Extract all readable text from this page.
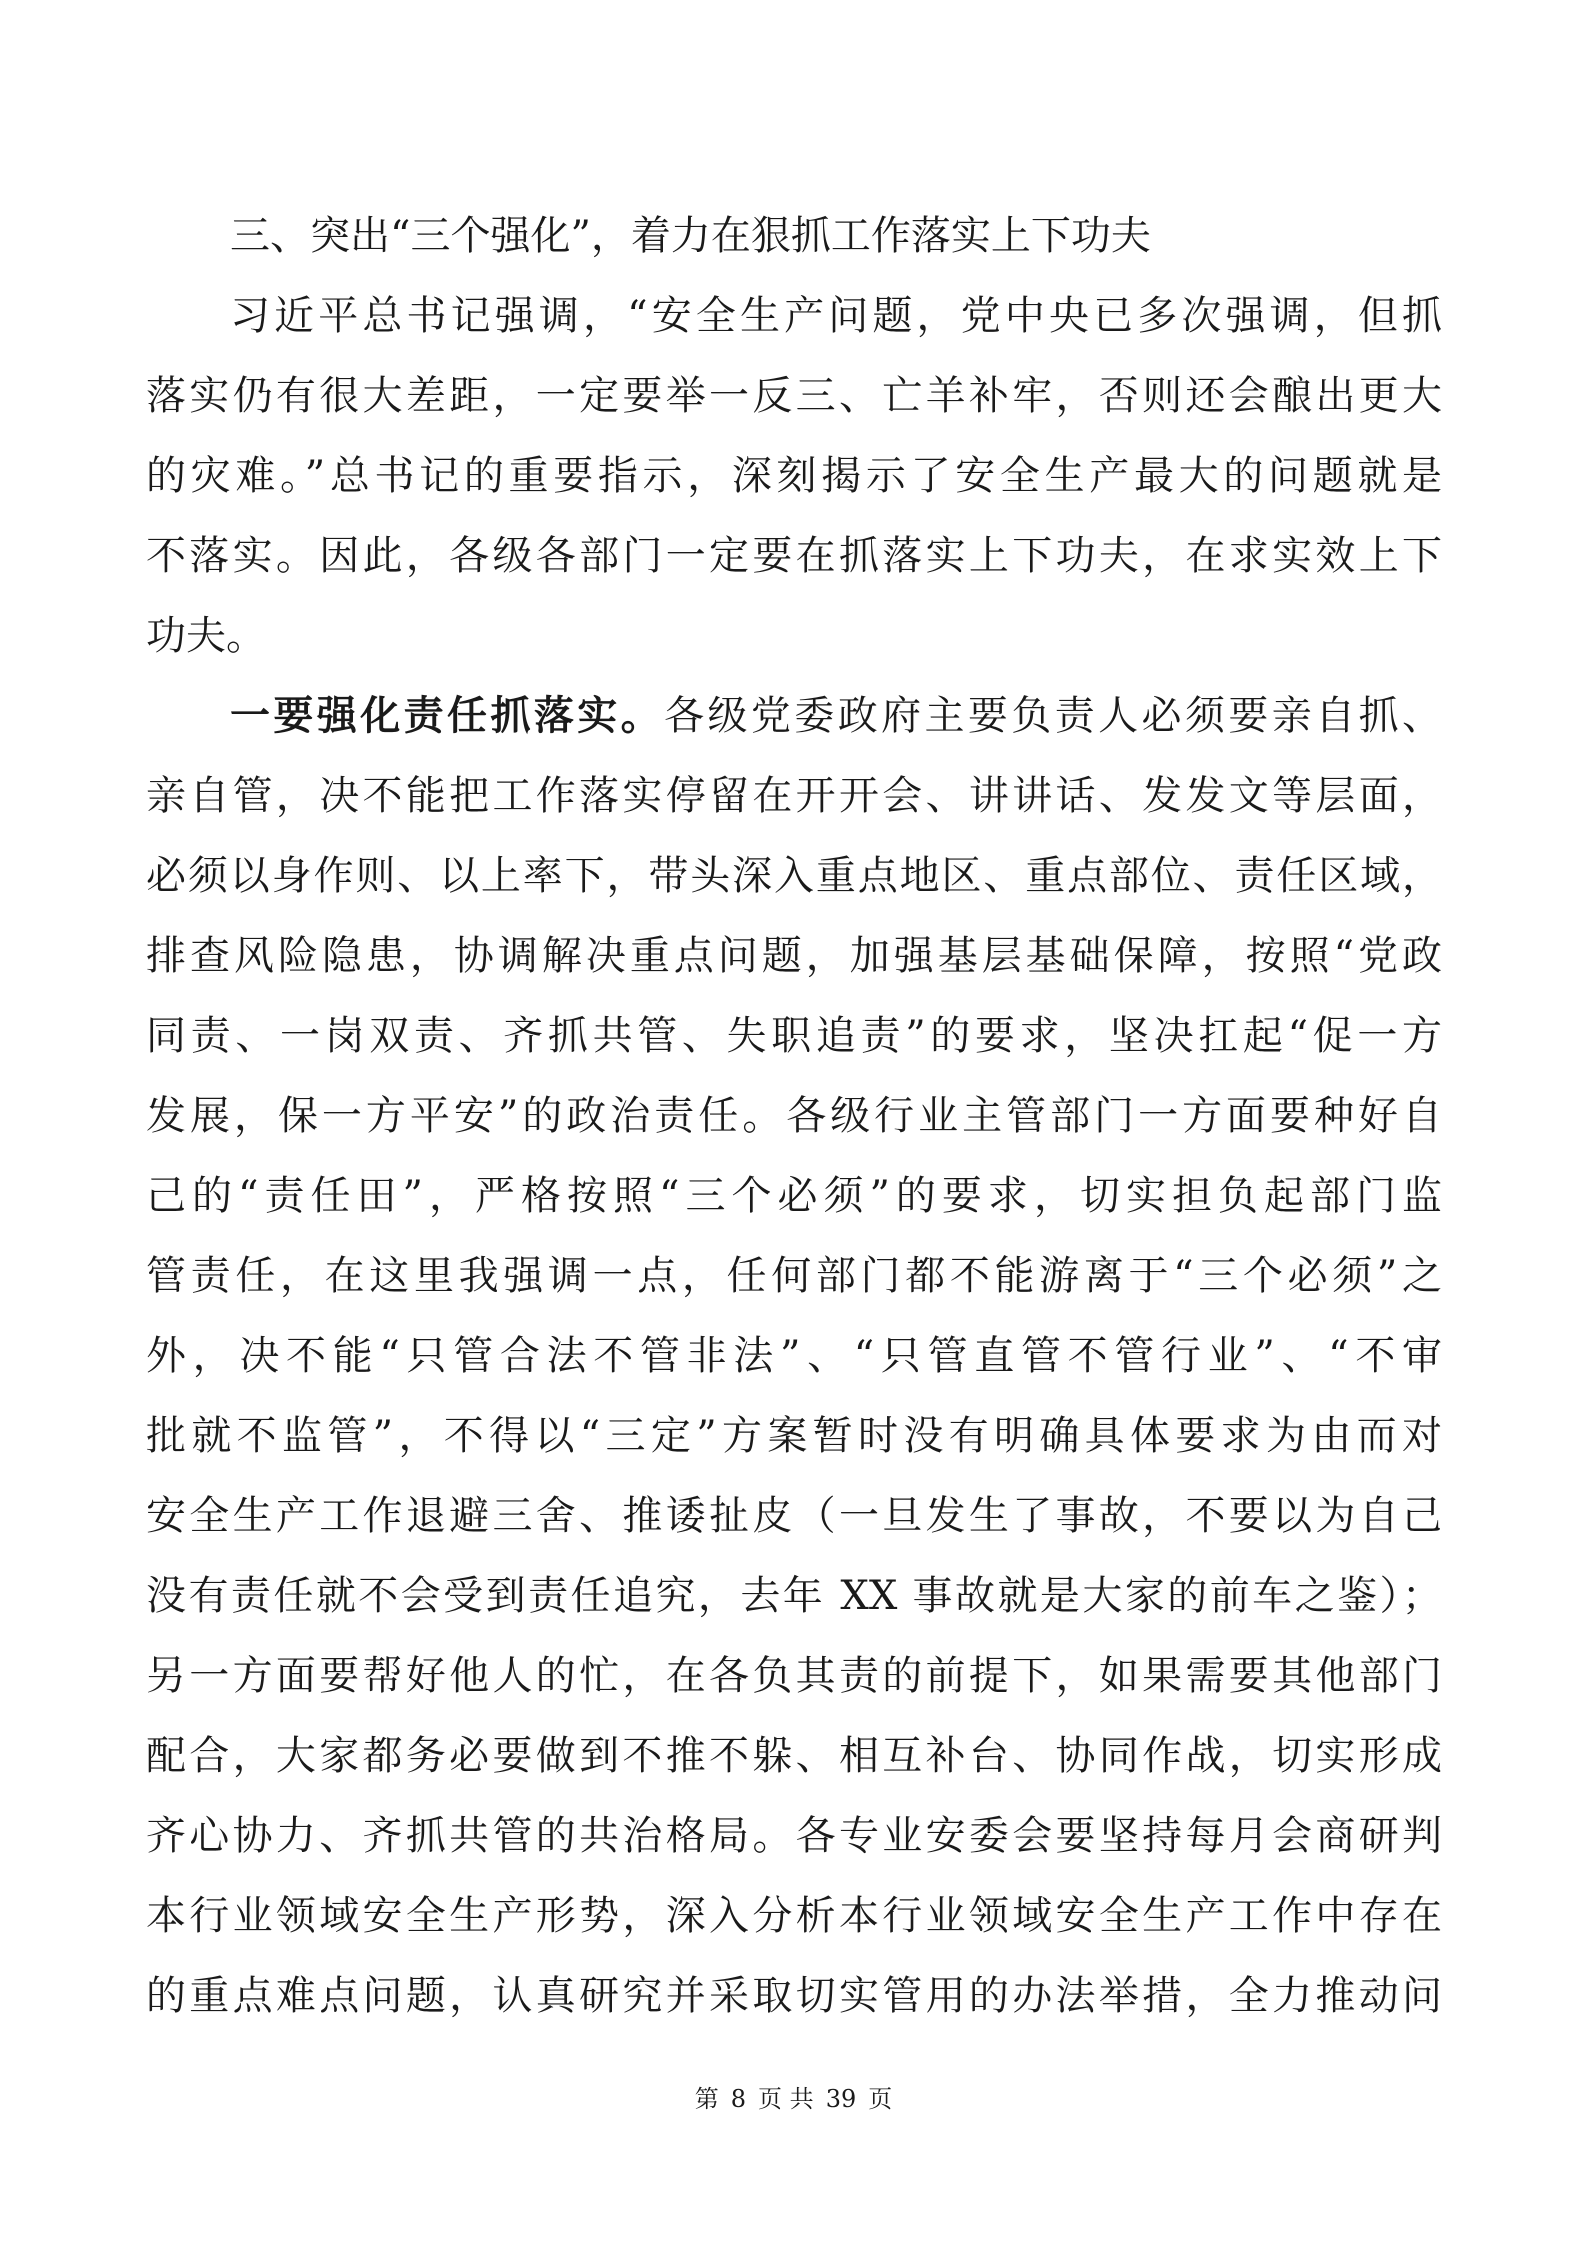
三、突出“三个强化”，着力在狠抓工作落实上下功夫
习近平总书记强调，“安全生产问题，党中央已多次强调，但抓
落实仍有很大差距，一定要举一反三、亡羊补牢，否则还会酿出更大
的灾难。”总书记的重要指示，深刻揭示了安全生产最大的问题就是
不落实。因此，各级各部门一定要在抓落实上下功夫，在求实效上下
功夫。
一要强化责任抓落实。各级党委政府主要负责人必须要亲自抓、
亲自管，决不能把工作落实停留在开开会、讲讲话、发发文等层面，
必须以身作则、以上率下，带头深入重点地区、重点部位、责任区域，
排查风险隐患，协调解决重点问题，加强基层基础保障，按照“党政
同责、一岗双责、齐抓共管、失职追责”的要求，坚决扛起“促一方
发展，保一方平安”的政治责任。各级行业主管部门一方面要种好自
己的“责任田”，严格按照“三个必须”的要求，切实担负起部门监
管责任，在这里我强调一点，任何部门都不能游离于“三个必须”之
外，决不能“只管合法不管非法”、“只管直管不管行业”、“不审
批就不监管”，不得以“三定”方案暂时没有明确具体要求为由而对
安全生产工作退避三舍、推诿扯皮（一旦发生了事故，不要以为自己
没有责任就不会受到责任追究，去年 XX 事故就是大家的前车之鉴）；
另一方面要帮好他人的忙，在各负其责的前提下，如果需要其他部门
配合，大家都务必要做到不推不躲、相互补台、协同作战，切实形成
齐心协力、齐抓共管的共治格局。各专业安委会要坚持每月会商研判
本行业领域安全生产形势，深入分析本行业领域安全生产工作中存在
的重点难点问题，认真研究并采取切实管用的办法举措，全力推动问
第 8 页 共 39 页
